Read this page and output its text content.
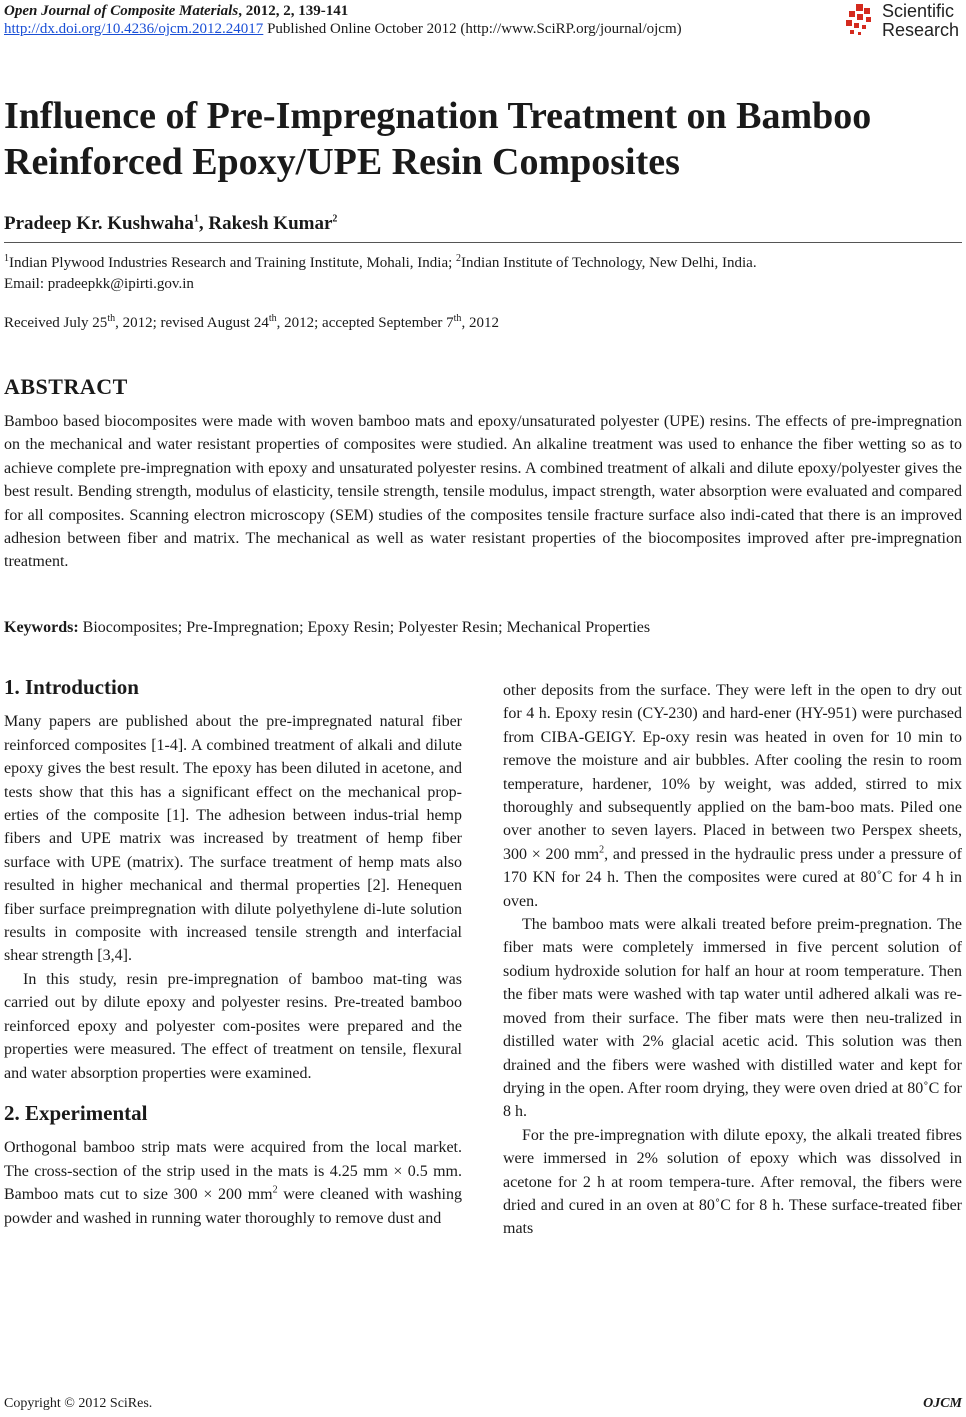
Open Journal of Composite Materials, 2012, 2, 139-141
http://dx.doi.org/10.4236/ojcm.2012.24017 Published Online October 2012 (http://www.SciRP.org/journal/ojcm)
Scientific
Research
Influence of Pre-Impregnation Treatment on Bamboo Reinforced Epoxy/UPE Resin Composites
Pradeep Kr. Kushwaha$^1$, Rakesh Kumar$^2$
$^1$Indian Plywood Industries Research and Training Institute, Mohali, India; $^2$Indian Institute of Technology, New Delhi, India.
Email: pradeepkk@ipirti.gov.in
Received July 25th, 2012; revised August 24th, 2012; accepted September 7th, 2012
ABSTRACT
Bamboo based biocomposites were made with woven bamboo mats and epoxy/unsaturated polyester (UPE) resins. The effects of pre-impregnation on the mechanical and water resistant properties of composites were studied. An alkaline treatment was used to enhance the fiber wetting so as to achieve complete pre-impregnation with epoxy and unsaturated polyester resins. A combined treatment of alkali and dilute epoxy/polyester gives the best result. Bending strength, modulus of elasticity, tensile strength, tensile modulus, impact strength, water absorption were evaluated and compared for all composites. Scanning electron microscopy (SEM) studies of the composites tensile fracture surface also indi-cated that there is an improved adhesion between fiber and matrix. The mechanical as well as water resistant properties of the biocomposites improved after pre-impregnation treatment.
Keywords: Biocomposites; Pre-Impregnation; Epoxy Resin; Polyester Resin; Mechanical Properties
1. Introduction

Many papers are published about the pre-impregnated natural fiber reinforced composites [1-4]. A combined treatment of alkali and dilute epoxy gives the best result. The epoxy has been diluted in acetone, and tests show that this has a significant effect on the mechanical prop-erties of the composite [1]. The adhesion between indus-trial hemp fibers and UPE matrix was increased by treatment of hemp fiber surface with UPE (matrix). The surface treatment of hemp mats also resulted in higher mechanical and thermal properties [2]. Henequen fiber surface preimpregnation with dilute polyethylene di-lute solution results in composite with increased tensile strength and interfacial shear strength [3,4].

In this study, resin pre-impregnation of bamboo mat-ting was carried out by dilute epoxy and polyester resins. Pre-treated bamboo reinforced epoxy and polyester com-posites were prepared and the properties were measured. The effect of treatment on tensile, flexural and water absorption properties were examined.

2. Experimental

Orthogonal bamboo strip mats were acquired from the local market. The cross-section of the strip used in the mats is 4.25 mm × 0.5 mm. Bamboo mats cut to size 300 × 200 $mm^2$ were cleaned with washing powder and washed in running water thoroughly to remove dust and

other deposits from the surface. They were left in the open to dry out for 4 h. Epoxy resin (CY-230) and hard-ener (HY-951) were purchased from CIBA-GEIGY. Ep-oxy resin was heated in oven for 10 min to remove the moisture and air bubbles. After cooling the resin to room temperature, hardener, 10% by weight, was added, stirred to mix thoroughly and subsequently applied on the bam-boo mats. Piled one over another to seven layers. Placed in between two Perspex sheets, 300 × 200 $mm^2$, and pressed in the hydraulic press under a pressure of 170 KN for 24 h. Then the composites were cured at 80˚C for 4 h in oven.

The bamboo mats were alkali treated before preim-pregnation. The fiber mats were completely immersed in five percent solution of sodium hydroxide solution for half an hour at room temperature. Then the fiber mats were washed with tap water until adhered alkali was re-moved from their surface. The fiber mats were then neu-tralized in distilled water with 2% glacial acetic acid. This solution was then drained and the fibers were washed with distilled water and kept for drying in the open. After room drying, they were oven dried at 80˚C for 8 h.

For the pre-impregnation with dilute epoxy, the alkali treated fibres were immersed in 2% solution of epoxy which was dissolved in acetone for 2 h at room tempera-ture. After removal, the fibers were dried and cured in an oven at 80˚C for 8 h. These surface-treated fiber mats

Copyright © 2012 SciRes.	OJCM
